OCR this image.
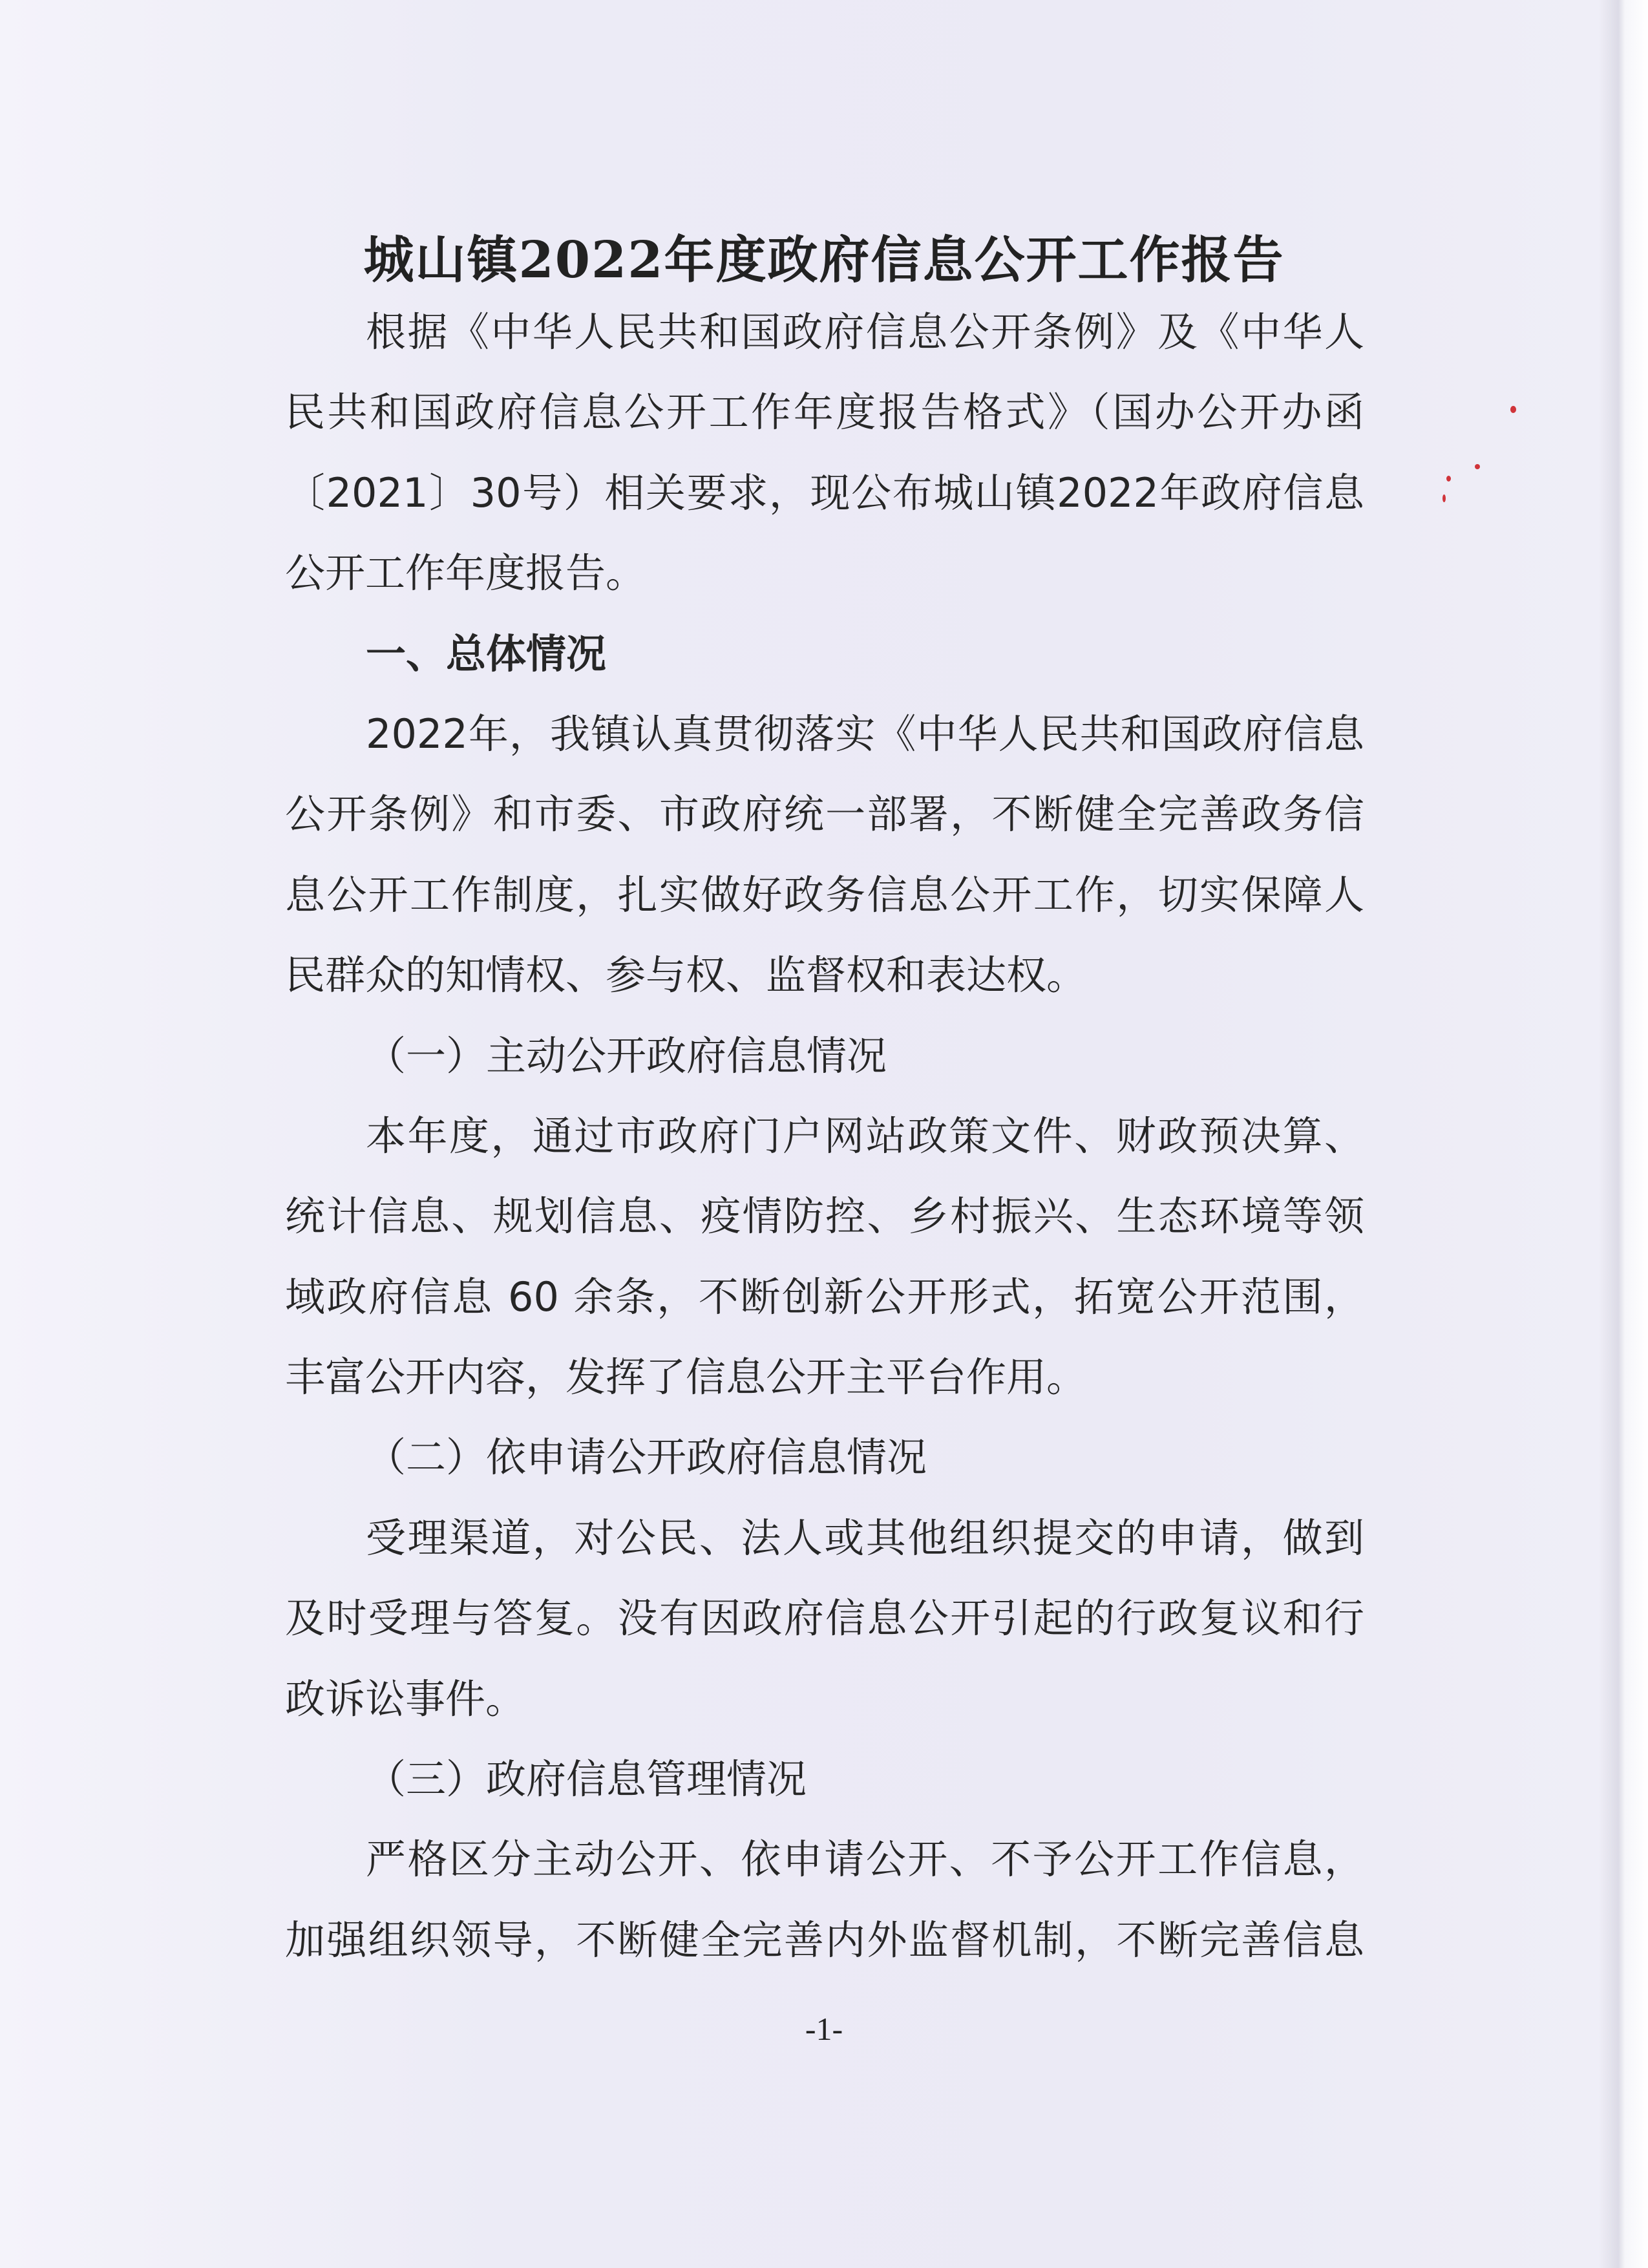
城山镇2022年度政府信息公开工作报告
根据《中华人民共和国政府信息公开条例》及《中华人
民共和国政府信息公开工作年度报告格式》（国办公开办函
〔2021〕30号）相关要求，现公布城山镇2022年政府信息
公开工作年度报告。
一、总体情况
2022年，我镇认真贯彻落实《中华人民共和国政府信息
公开条例》和市委、市政府统一部署，不断健全完善政务信
息公开工作制度，扎实做好政务信息公开工作，切实保障人
民群众的知情权、参与权、监督权和表达权。
（一）主动公开政府信息情况
本年度，通过市政府门户网站政策文件、财政预决算、
统计信息、规划信息、疫情防控、乡村振兴、生态环境等领
域政府信息 60 余条，不断创新公开形式，拓宽公开范围，
丰富公开内容，发挥了信息公开主平台作用。
（二）依申请公开政府信息情况
受理渠道，对公民、法人或其他组织提交的申请，做到
及时受理与答复。没有因政府信息公开引起的行政复议和行
政诉讼事件。
（三）政府信息管理情况
严格区分主动公开、依申请公开、不予公开工作信息，
加强组织领导，不断健全完善内外监督机制，不断完善信息
-1-
